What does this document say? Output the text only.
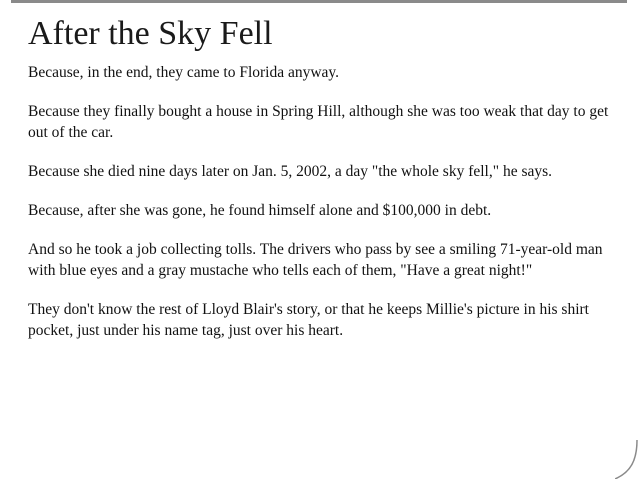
After the Sky Fell

Because, in the end, they came to Florida anyway.

Because they finally bought a house in Spring Hill, although she was too weak that day to get out of the car.

Because she died nine days later on Jan. 5, 2002, a day "the whole sky fell," he says.

Because, after she was gone, he found himself alone and $100,000 in debt.

And so he took a job collecting tolls. The drivers who pass by see a smiling 71-year-old man with blue eyes and a gray mustache who tells each of them, "Have a great night!"

They don't know the rest of Lloyd Blair's story, or that he keeps Millie's picture in his shirt pocket, just under his name tag, just over his heart.
